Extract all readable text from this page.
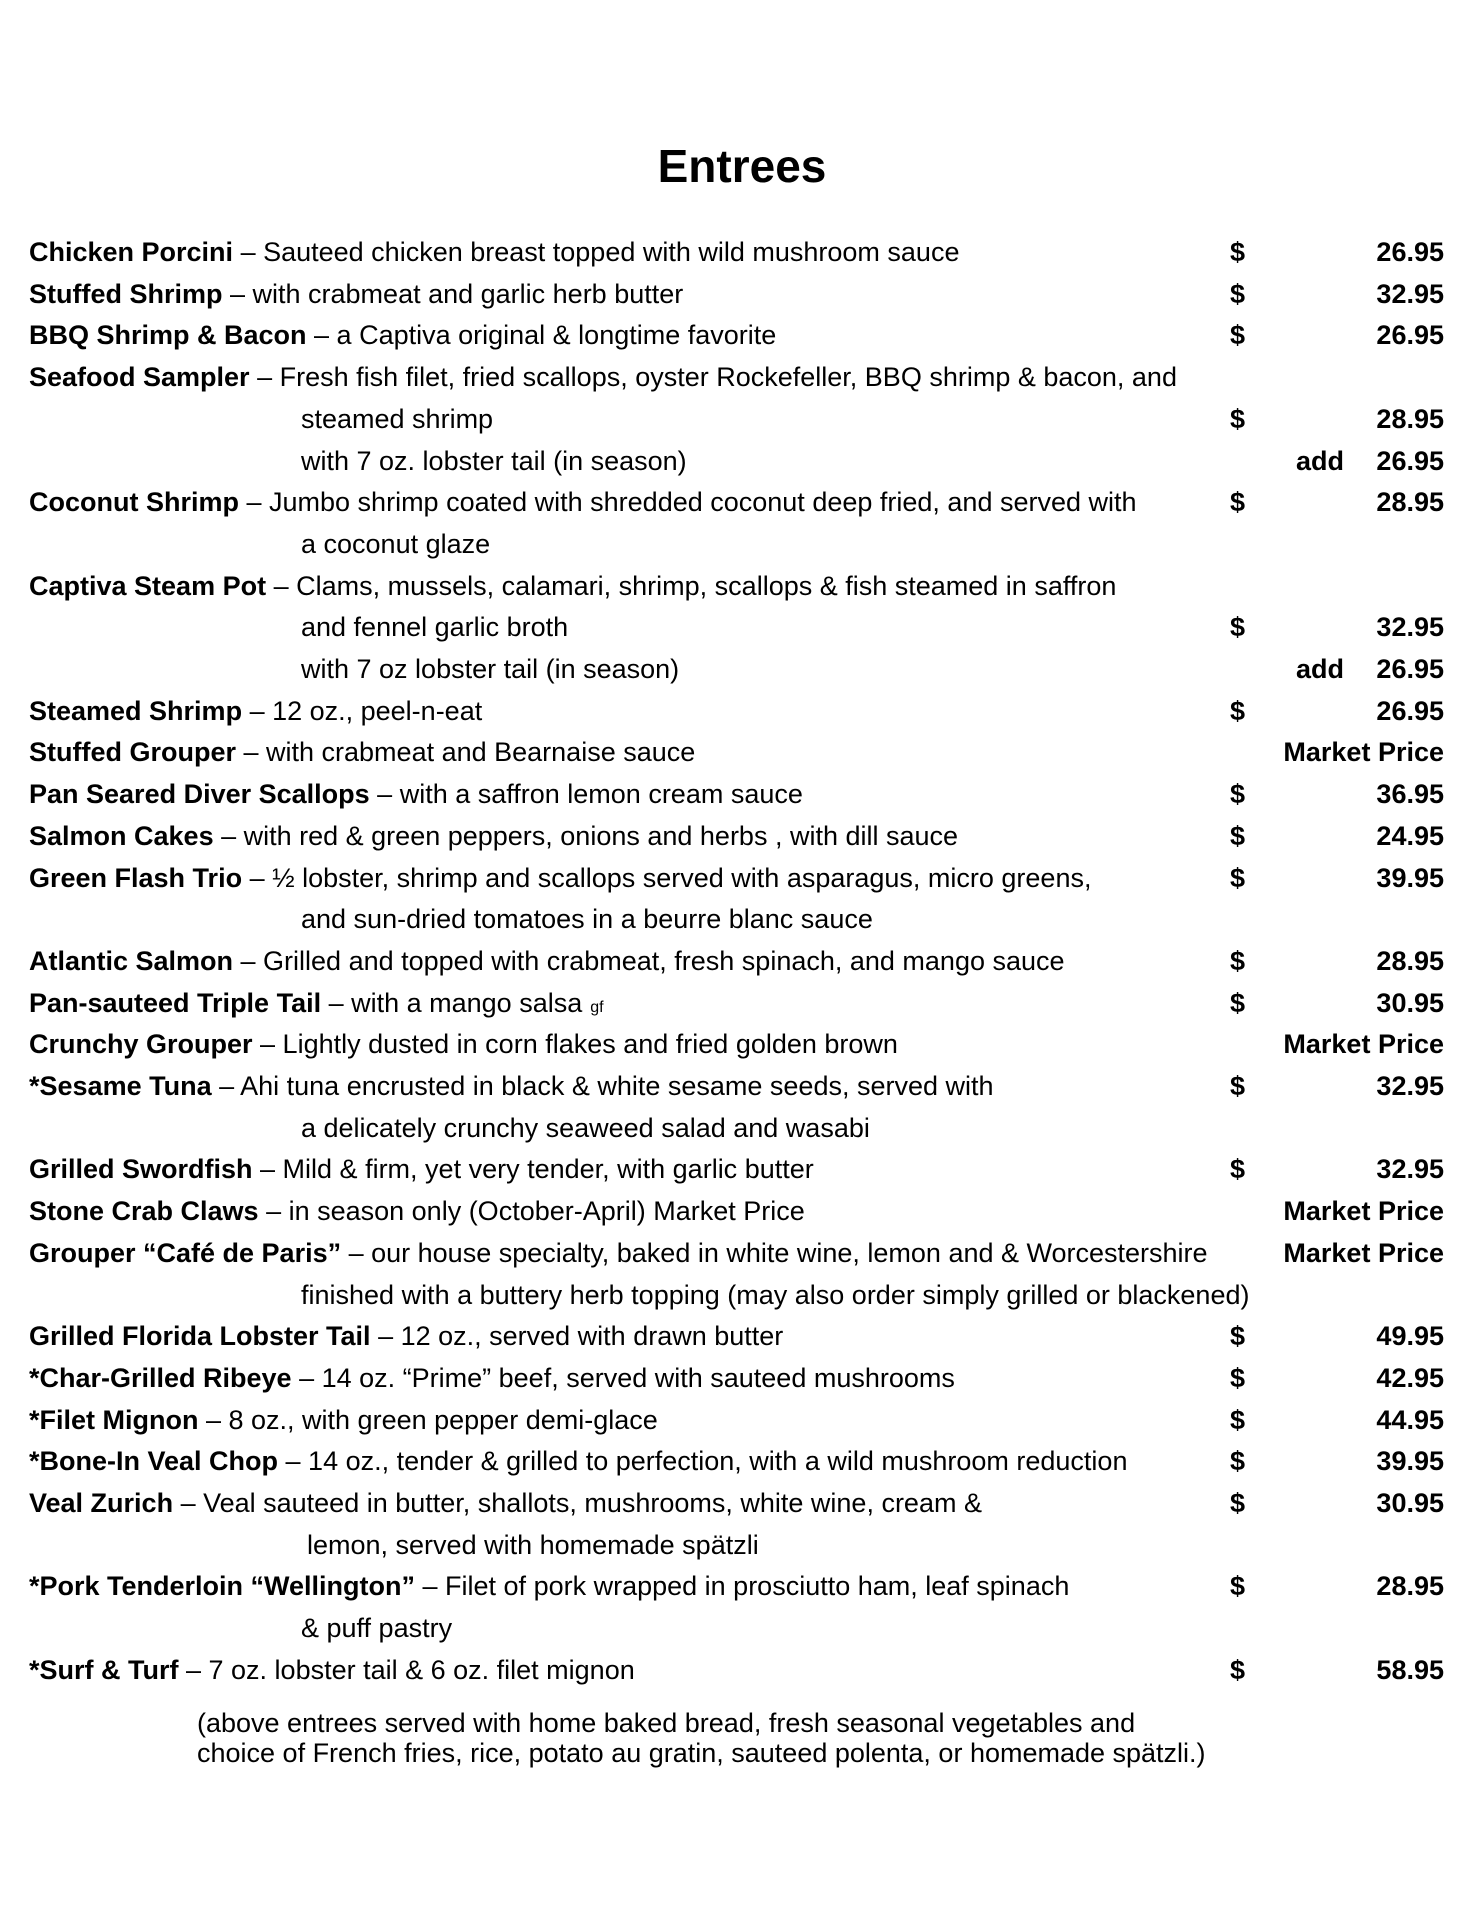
Entrees
Chicken Porcini – Sauteed chicken breast topped with wild mushroom sauce	$	26.95
Stuffed Shrimp – with crabmeat and garlic herb butter	$	32.95
BBQ Shrimp & Bacon – a Captiva original & longtime favorite	$	26.95
Seafood Sampler – Fresh fish filet, fried scallops, oyster Rockefeller, BBQ shrimp & bacon, and
steamed shrimp	$	28.95
with 7 oz. lobster tail (in season)	add 26.95
Coconut Shrimp – Jumbo shrimp coated with shredded coconut deep fried, and served with	$	28.95
a coconut glaze
Captiva Steam Pot – Clams, mussels, calamari, shrimp, scallops & fish steamed in saffron
and fennel garlic broth	$	32.95
with 7 oz lobster tail (in season)	add 26.95
Steamed Shrimp – 12 oz., peel-n-eat	$	26.95
Stuffed Grouper – with crabmeat and Bearnaise sauce	Market Price
Pan Seared Diver Scallops – with a saffron lemon cream sauce	$	36.95
Salmon Cakes – with red & green peppers, onions and herbs , with dill sauce	$	24.95
Green Flash Trio – ½ lobster, shrimp and scallops served with asparagus, micro greens,	$	39.95
and sun-dried tomatoes in a beurre blanc sauce
Atlantic Salmon – Grilled and topped with crabmeat, fresh spinach, and mango sauce	$	28.95
Pan-sauteed Triple Tail – with a mango salsa gf	$	30.95
Crunchy Grouper – Lightly dusted in corn flakes and fried golden brown	Market Price
*Sesame Tuna – Ahi tuna encrusted in black & white sesame seeds, served with	$	32.95
a delicately crunchy seaweed salad and wasabi
Grilled Swordfish – Mild & firm, yet very tender, with garlic butter	$	32.95
Stone Crab Claws – in season only (October-April) Market Price	Market Price
Grouper “Café de Paris” – our house specialty, baked in white wine, lemon and & Worcestershire	Market Price
finished with a buttery herb topping (may also order simply grilled or blackened)
Grilled Florida Lobster Tail – 12 oz., served with drawn butter	$	49.95
*Char-Grilled Ribeye – 14 oz. “Prime” beef, served with sauteed mushrooms	$	42.95
*Filet Mignon – 8 oz., with green pepper demi-glace	$	44.95
*Bone-In Veal Chop – 14 oz., tender & grilled to perfection, with a wild mushroom reduction	$	39.95
Veal Zurich – Veal sauteed in butter, shallots, mushrooms, white wine, cream &	$	30.95
lemon, served with homemade spätzli
*Pork Tenderloin “Wellington” – Filet of pork wrapped in prosciutto ham, leaf spinach	$	28.95
& puff pastry
*Surf & Turf – 7 oz. lobster tail & 6 oz. filet mignon	$	58.95
(above entrees served with home baked bread, fresh seasonal vegetables and
choice of French fries, rice, potato au gratin, sauteed polenta, or homemade spätzli.)
